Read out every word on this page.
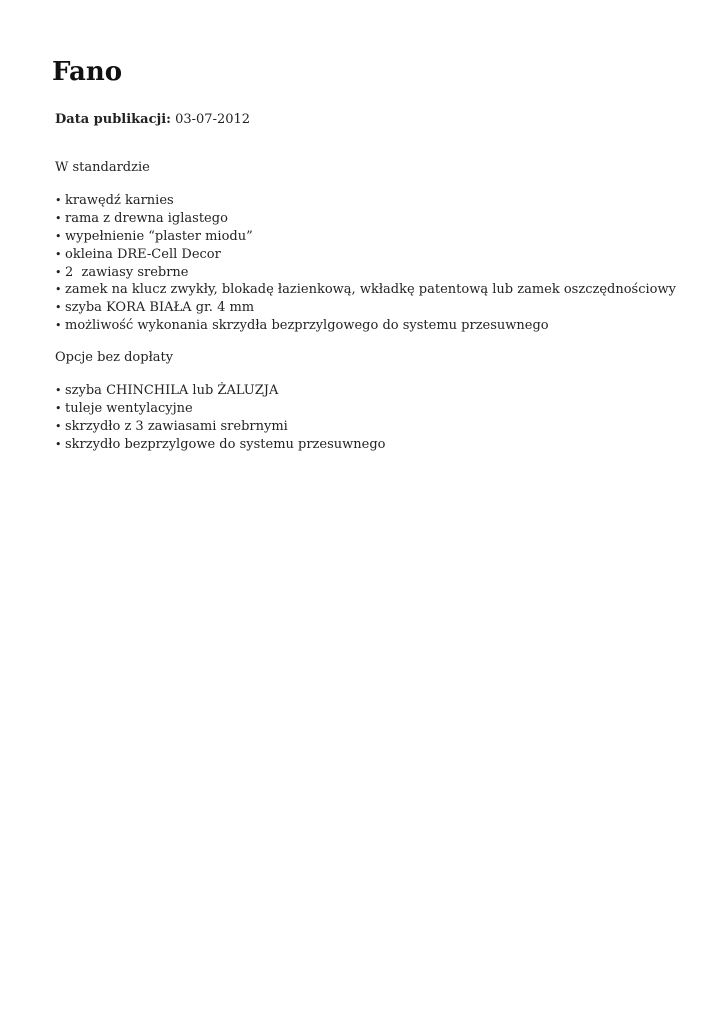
Fano
Data publikacji: 03-07-2012

W standardzie

• krawędź karnies
• rama z drewna iglastego
• wypełnienie “plaster miodu”
• okleina DRE-Cell Decor
• 2  zawiasy srebrne
• zamek na klucz zwykły, blokadę łazienkową, wkładkę patentową lub zamek oszczędnościowy
• szyba KORA BIAŁA gr. 4 mm
• możliwość wykonania skrzydła bezprzylgowego do systemu przesuwnego

Opcje bez dopłaty

• szyba CHINCHILA lub ŻALUZJA
• tuleje wentylacyjne
• skrzydło z 3 zawiasami srebrnymi
• skrzydło bezprzylgowe do systemu przesuwnego
